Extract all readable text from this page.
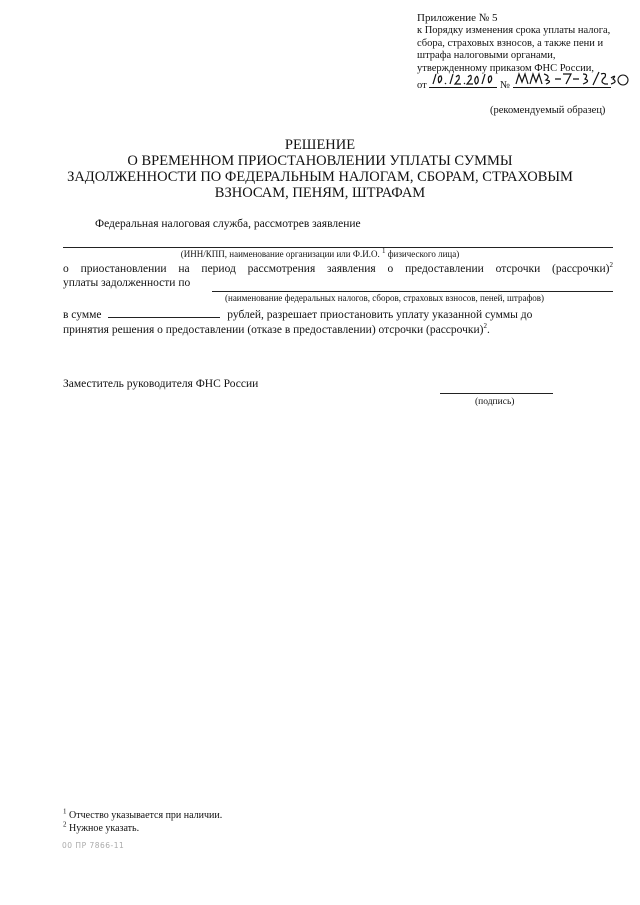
Приложение № 5
к Порядку изменения срока уплаты налога,
сбора, страховых взносов, а также пени и
штрафа налоговыми органами,
утвержденному приказом ФНС России,
от	№
(рекомендуемый образец)
РЕШЕНИЕ
О ВРЕМЕННОМ ПРИОСТАНОВЛЕНИИ УПЛАТЫ СУММЫ
ЗАДОЛЖЕННОСТИ ПО ФЕДЕРАЛЬНЫМ НАЛОГАМ, СБОРАМ, СТРАХОВЫМ
ВЗНОСАМ, ПЕНЯМ, ШТРАФАМ
Федеральная налоговая служба, рассмотрев заявление
(ИНН/КПП, наименование организации или Ф.И.О. $^1$ физического лица)
о приостановлении на период рассмотрения заявления о предоставлении отсрочки (рассрочки)$^2$
уплаты задолженности по
(наименование федеральных налогов, сборов, страховых взносов, пеней, штрафов)
в сумме	рублей, разрешает приостановить уплату указанной суммы до
принятия решения о предоставлении (отказе в предоставлении) отсрочки (рассрочки)$^2$.
Заместитель руководителя ФНС России
(подпись)
$^1$ Отчество указывается при наличии.
$^2$ Нужное указать.
00 ПР 7866-11
